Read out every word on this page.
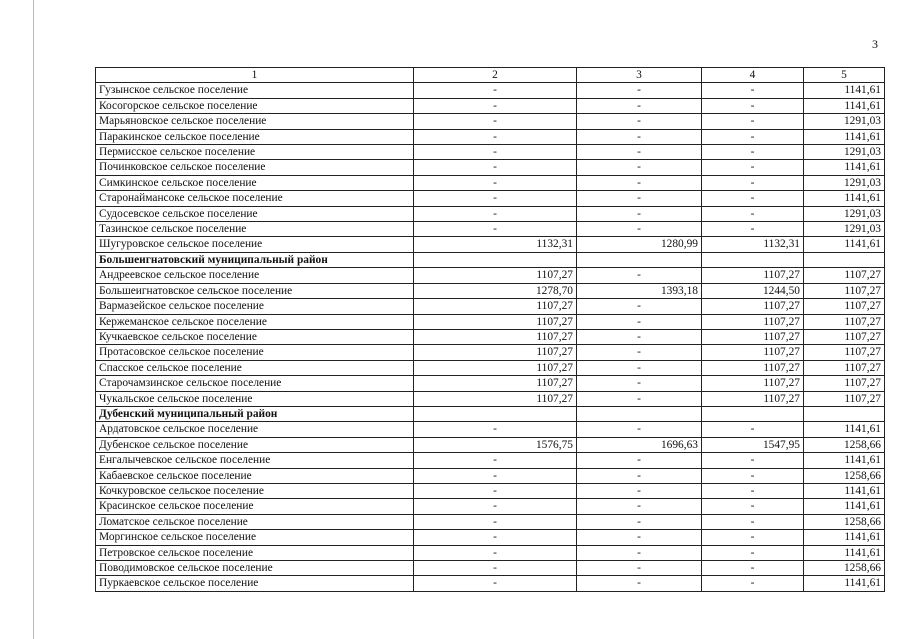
3
1	2	3	4	5
Гузынское сельское поселение	-	-	-	1141,61
Косогорское сельское поселение	-	-	-	1141,61
Марьяновское сельское поселение	-	-	-	1291,03
Паракинское сельское поселение	-	-	-	1141,61
Пермисское сельское поселение	-	-	-	1291,03
Починковское сельское поселение	-	-	-	1141,61
Симкинское сельское поселение	-	-	-	1291,03
Старонаймансоке сельское поселение	-	-	-	1141,61
Судосевское сельское поселение	-	-	-	1291,03
Тазинское сельское поселение	-	-	-	1291,03
Шугуровское сельское поселение	1132,31	1280,99	1132,31	1141,61
Большеигнатовский муниципальный район				
Андреевское сельское поселение	1107,27	-	1107,27	1107,27
Большеигнатовское сельское поселение	1278,70	1393,18	1244,50	1107,27
Вармазейское сельское поселение	1107,27	-	1107,27	1107,27
Кержеманское сельское поселение	1107,27	-	1107,27	1107,27
Кучкаевское сельское поселение	1107,27	-	1107,27	1107,27
Протасовское сельское поселение	1107,27	-	1107,27	1107,27
Спасское сельское поселение	1107,27	-	1107,27	1107,27
Старочамзинское сельское поселение	1107,27	-	1107,27	1107,27
Чукальское сельское поселение	1107,27	-	1107,27	1107,27
Дубенский муниципальный район				
Ардатовское сельское поселение	-	-	-	1141,61
Дубенское сельское поселение	1576,75	1696,63	1547,95	1258,66
Енгалычевское сельское поселение	-	-	-	1141,61
Кабаевское сельское поселение	-	-	-	1258,66
Кочкуровское сельское поселение	-	-	-	1141,61
Красинское сельское поселение	-	-	-	1141,61
Ломатское сельское поселение	-	-	-	1258,66
Моргинское сельское поселение	-	-	-	1141,61
Петровское сельское поселение	-	-	-	1141,61
Поводимовское сельское поселение	-	-	-	1258,66
Пуркаевское сельское поселение	-	-	-	1141,61
